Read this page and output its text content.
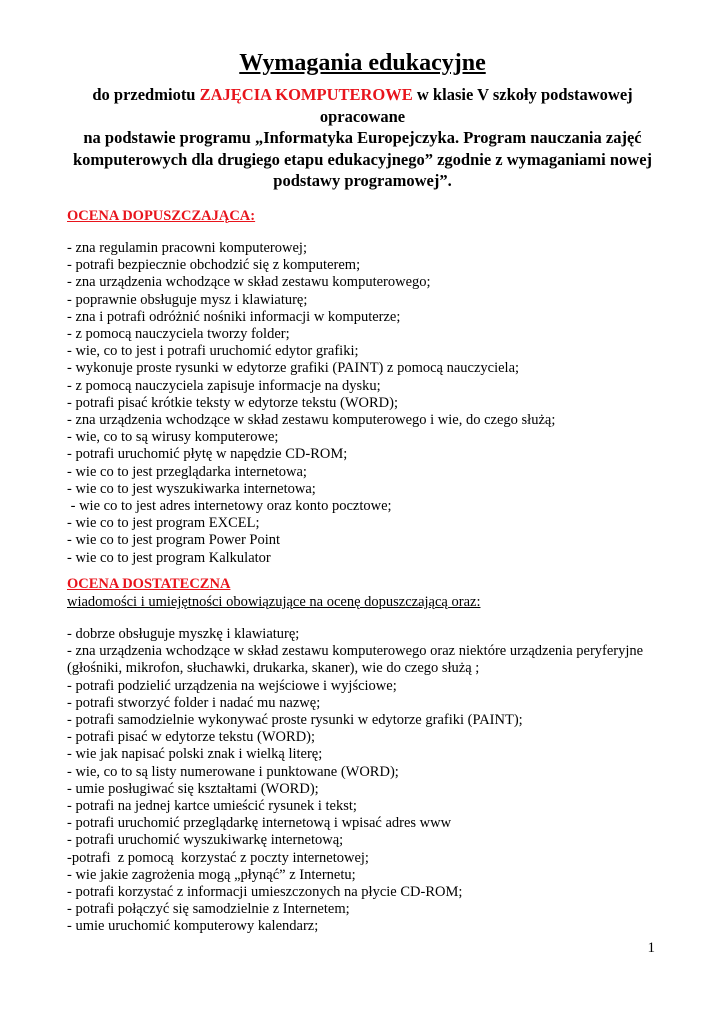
Wymagania edukacyjne
do przedmiotu ZAJĘCIA KOMPUTEROWE w klasie V szkoły podstawowej
opracowane
na podstawie programu „Informatyka Europejczyka. Program nauczania zajęć komputerowych dla drugiego etapu edukacyjnego” zgodnie z wymaganiami nowej podstawy programowej”.
OCENA DOPUSZCZAJĄCA:
- zna regulamin pracowni komputerowej;
- potrafi bezpiecznie obchodzić się z komputerem;
- zna urządzenia wchodzące w skład zestawu komputerowego;
- poprawnie obsługuje mysz i klawiaturę;
- zna i potrafi odróżnić nośniki informacji w komputerze;
- z pomocą nauczyciela tworzy folder;
- wie, co to jest i potrafi uruchomić edytor grafiki;
- wykonuje proste rysunki w edytorze grafiki (PAINT) z pomocą nauczyciela;
- z pomocą nauczyciela zapisuje informacje na dysku;
- potrafi pisać krótkie teksty w edytorze tekstu (WORD);
- zna urządzenia wchodzące w skład zestawu komputerowego i wie, do czego służą;
- wie, co to są wirusy komputerowe;
- potrafi uruchomić płytę w napędzie CD-ROM;
- wie co to jest przeglądarka internetowa;
- wie co to jest wyszukiwarka internetowa;
- wie co to jest adres internetowy oraz konto pocztowe;
- wie co to jest program EXCEL;
- wie co to jest program Power Point
- wie co to jest program Kalkulator
OCENA DOSTATECZNA
wiadomości i umiejętności obowiązujące na ocenę dopuszczającą oraz:
- dobrze obsługuje myszkę i klawiaturę;
- zna urządzenia wchodzące w skład zestawu komputerowego oraz niektóre urządzenia peryferyjne (głośniki, mikrofon, słuchawki, drukarka, skaner), wie do czego służą ;
- potrafi podzielić urządzenia na wejściowe i wyjściowe;
- potrafi stworzyć folder i nadać mu nazwę;
- potrafi samodzielnie wykonywać proste rysunki w edytorze grafiki (PAINT);
- potrafi pisać w edytorze tekstu (WORD);
- wie jak napisać polski znak i wielką literę;
- wie, co to są listy numerowane i punktowane (WORD);
- umie posługiwać się kształtami (WORD);
- potrafi na jednej kartce umieścić rysunek i tekst;
- potrafi uruchomić przeglądarkę internetową i wpisać adres www
- potrafi uruchomić wyszukiwarkę internetową;
-potrafi  z pomocą  korzystać z poczty internetowej;
- wie jakie zagrożenia mogą „płynąć” z Internetu;
- potrafi korzystać z informacji umieszczonych na płycie CD-ROM;
- potrafi połączyć się samodzielnie z Internetem;
- umie uruchomić komputerowy kalendarz;
1
